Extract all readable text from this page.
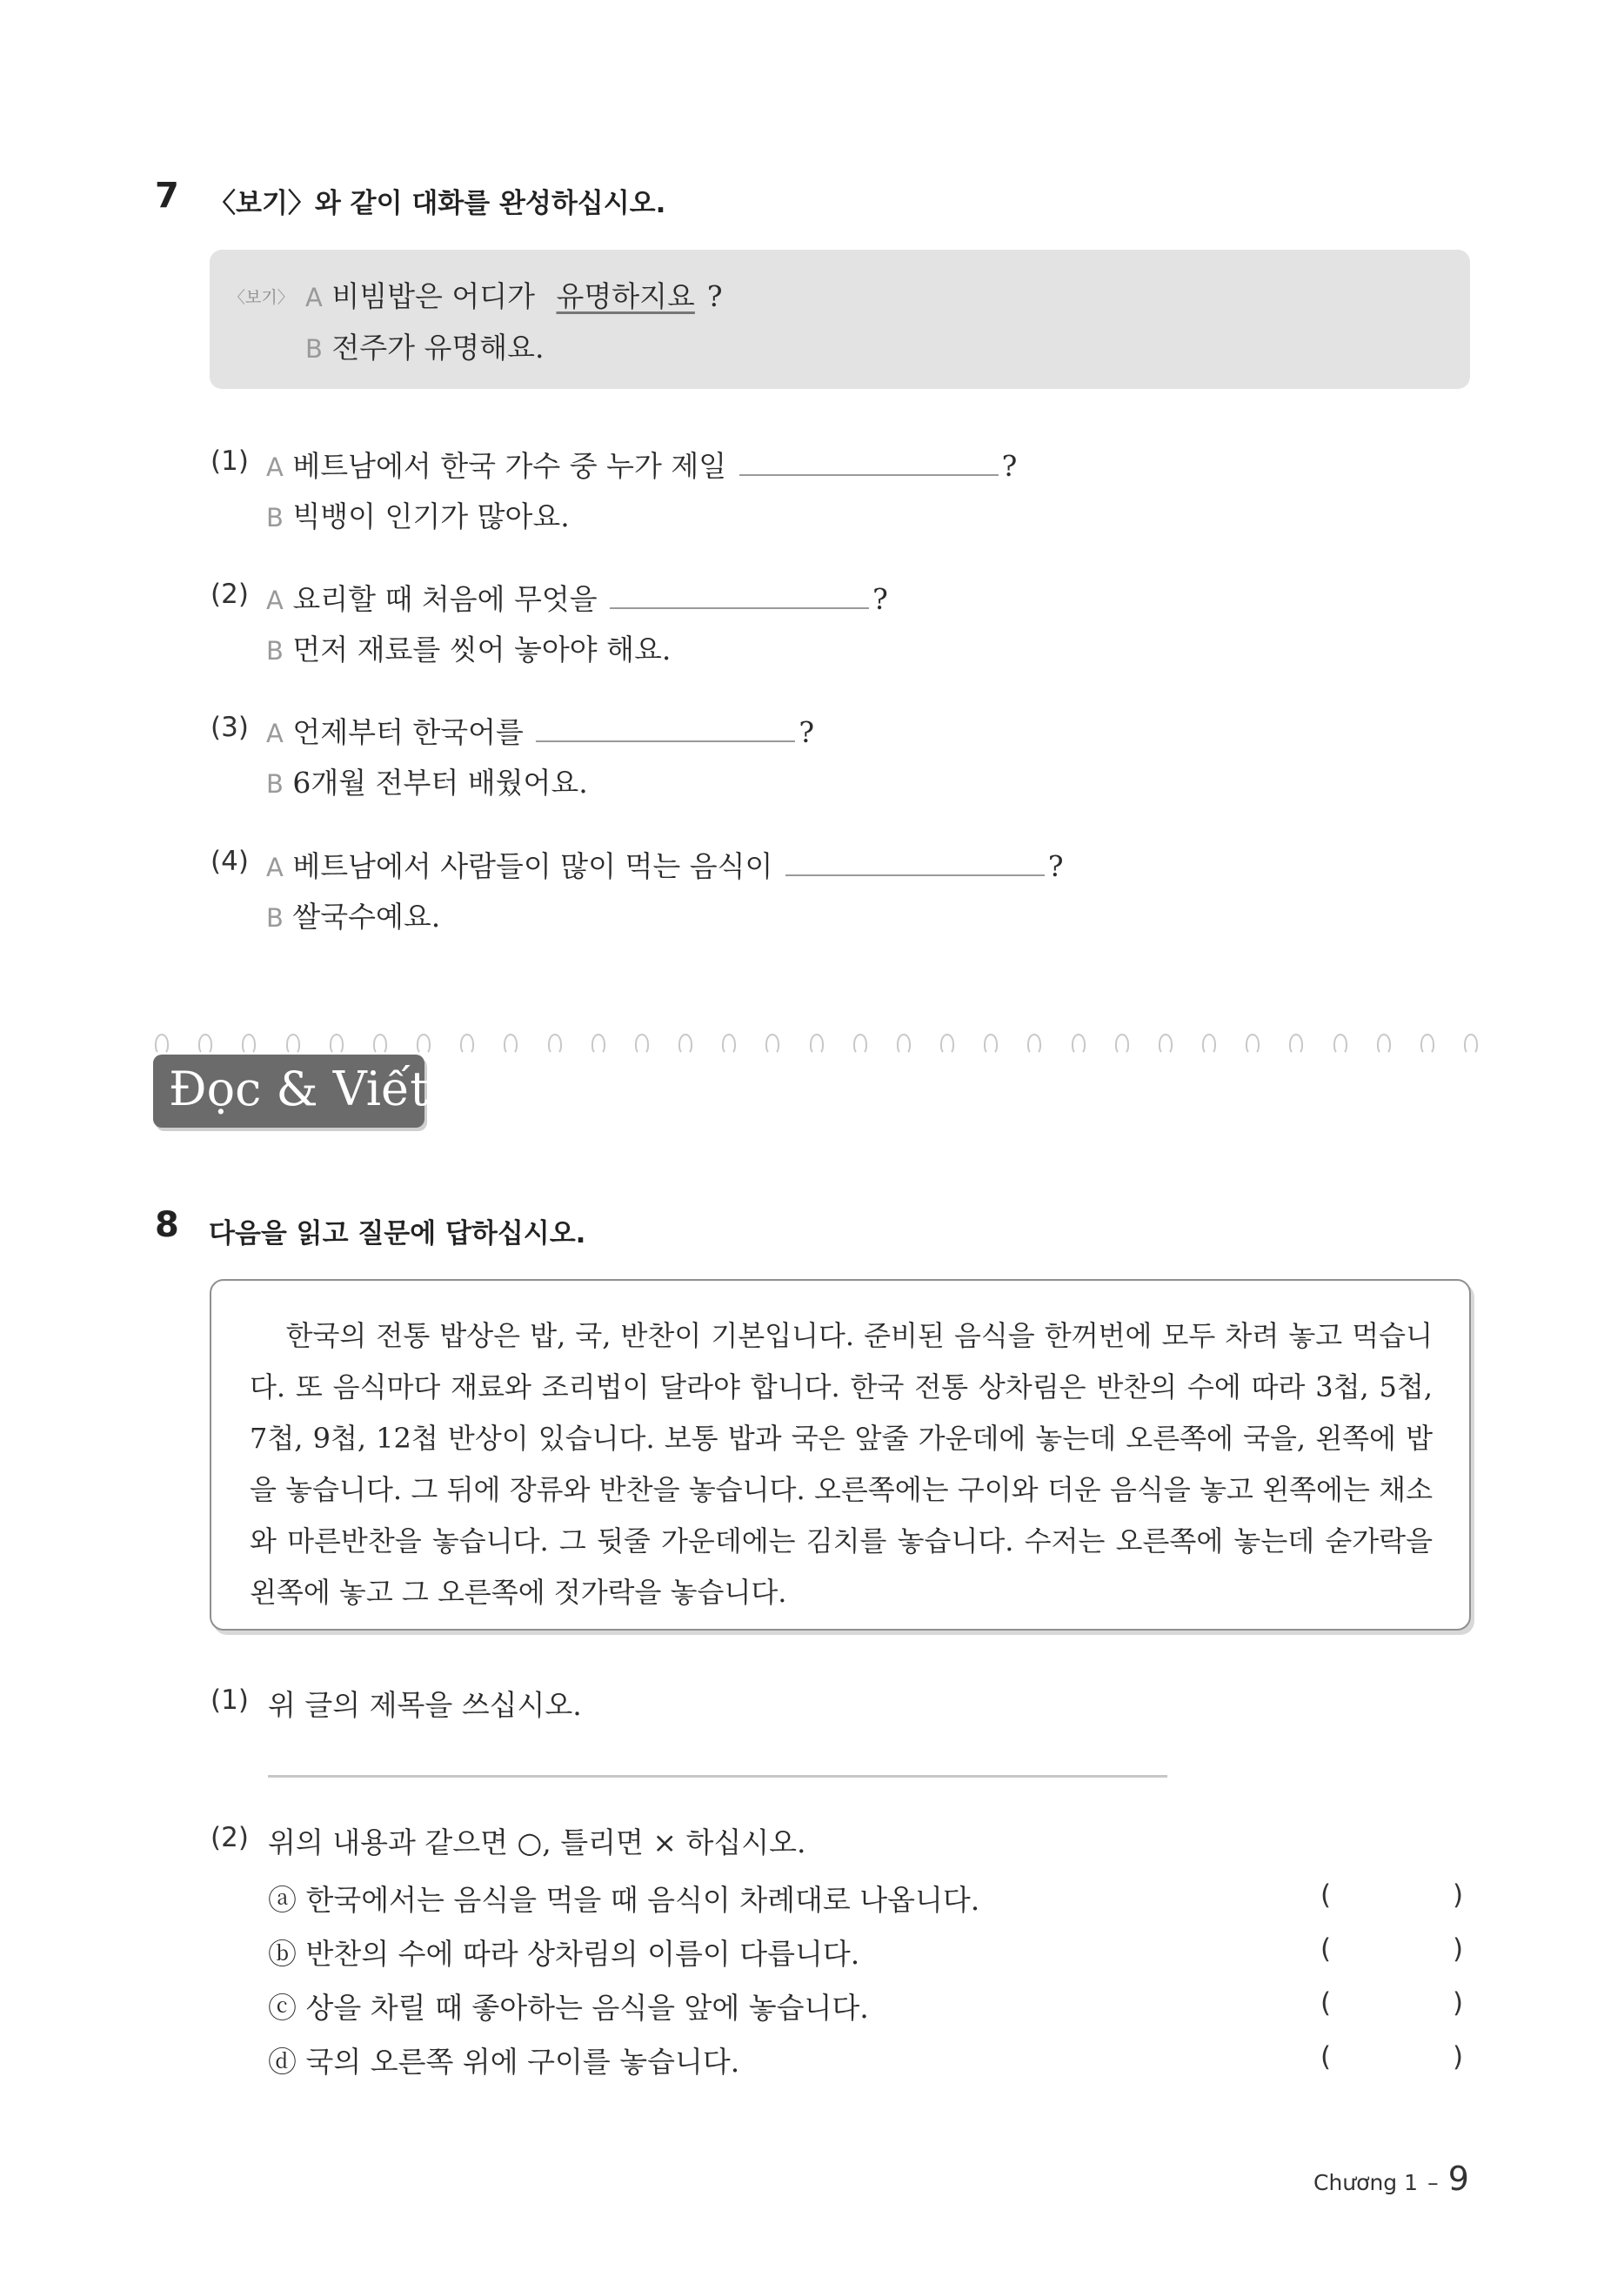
7 〈보기〉와 같이 대화를 완성하십시오.
〈보기〉 A 비빔밥은 어디가 유명하지요 ?
B 전주가 유명해요.
(1) A 베트남에서 한국 가수 중 누가 제일	?
B 빅뱅이 인기가 많아요.
(2) A 요리할 때 처음에 무엇을	?
B 먼저 재료를 씻어 놓아야 해요.
(3) A 언제부터 한국어를	?
B 6개월 전부터 배웠어요.
(4) A 베트남에서 사람들이 많이 먹는 음식이	?
B 쌀국수예요.
Đọc & Viết
8 다음을 읽고 질문에 답하십시오.
한국의 전통 밥상은 밥, 국, 반찬이 기본입니다. 준비된 음식을 한꺼번에 모두 차려 놓고 먹습니다. 또 음식마다 재료와 조리법이 달라야 합니다. 한국 전통 상차림은 반찬의 수에 따라 3첩, 5첩, 7첩, 9첩, 12첩 반상이 있습니다. 보통 밥과 국은 앞줄 가운데에 놓는데 오른쪽에 국을, 왼쪽에 밥을 놓습니다. 그 뒤에 장류와 반찬을 놓습니다. 오른쪽에는 구이와 더운 음식을 놓고 왼쪽에는 채소와 마른반찬을 놓습니다. 그 뒷줄 가운데에는 김치를 놓습니다. 수저는 오른쪽에 놓는데 숟가락을 왼쪽에 놓고 그 오른쪽에 젓가락을 놓습니다.
(1) 위 글의 제목을 쓰십시오.
(2) 위의 내용과 같으면 ○, 틀리면 × 하십시오.
ⓐ 한국에서는 음식을 먹을 때 음식이 차례대로 나옵니다.	(	)
ⓑ 반찬의 수에 따라 상차림의 이름이 다릅니다.	(	)
ⓒ 상을 차릴 때 좋아하는 음식을 앞에 놓습니다.	(	)
ⓓ 국의 오른쪽 위에 구이를 놓습니다.	(	)
Chương 1 – 9
